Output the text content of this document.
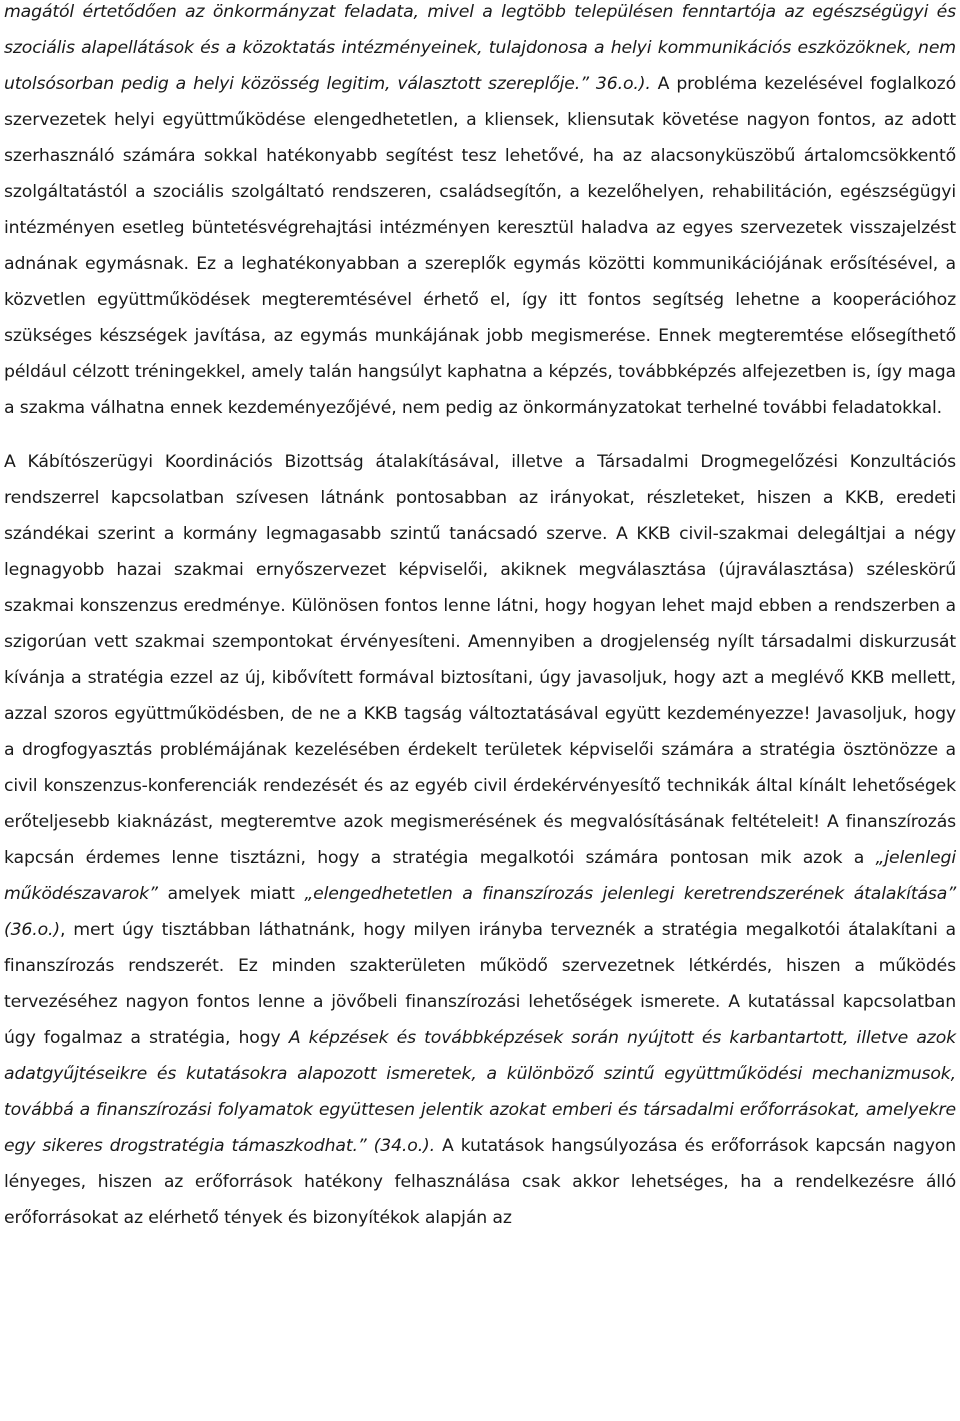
magától értetődően az önkormányzat feladata, mivel a legtöbb településen fenntartója az egészségügyi és szociális alapellátások és a közoktatás intézményeinek, tulajdonosa a helyi kommunikációs eszközöknek, nem utolsósorban pedig a helyi közösség legitim, választott szereplője.” 36.o.). A probléma kezelésével foglalkozó szervezetek helyi együttműködése elengedhetetlen, a kliensek, kliensutak követése nagyon fontos, az adott szerhasználó számára sokkal hatékonyabb segítést tesz lehetővé, ha az alacsonyküszöbű ártalomcsökkentő szolgáltatástól a szociális szolgáltató rendszeren, családsegítőn, a kezelőhelyen, rehabilitáción, egészségügyi intézményen esetleg büntetésvégrehajtási intézményen keresztül haladva az egyes szervezetek visszajelzést adnának egymásnak. Ez a leghatékonyabban a szereplők egymás közötti kommunikációjának erősítésével, a közvetlen együttműködések megteremtésével érhető el, így itt fontos segítség lehetne a kooperációhoz szükséges készségek javítása, az egymás munkájának jobb megismerése. Ennek megteremtése elősegíthető például célzott tréningekkel, amely talán hangsúlyt kaphatna a képzés, továbbképzés alfejezetben is, így maga a szakma válhatna ennek kezdeményezőjévé, nem pedig az önkormányzatokat terhelné további feladatokkal.

A Kábítószerügyi Koordinációs Bizottság átalakításával, illetve a Társadalmi Drogmegelőzési Konzultációs rendszerrel kapcsolatban szívesen látnánk pontosabban az irányokat, részleteket, hiszen a KKB, eredeti szándékai szerint a kormány legmagasabb szintű tanácsadó szerve. A KKB civil-szakmai delegáltjai a négy legnagyobb hazai szakmai ernyőszervezet képviselői, akiknek megválasztása (újraválasztása) széleskörű szakmai konszenzus eredménye. Különösen fontos lenne látni, hogy hogyan lehet majd ebben a rendszerben a szigorúan vett szakmai szempontokat érvényesíteni. Amennyiben a drogjelenség nyílt társadalmi diskurzusát kívánja a stratégia ezzel az új, kibővített formával biztosítani, úgy javasoljuk, hogy azt a meglévő KKB mellett, azzal szoros együttműködésben, de ne a KKB tagság változtatásával együtt kezdeményezze! Javasoljuk, hogy a drogfogyasztás problémájának kezelésében érdekelt területek képviselői számára a stratégia ösztönözze a civil konszenzus-konferenciák rendezését és az egyéb civil érdekérvényesítő technikák által kínált lehetőségek erőteljesebb kiaknázást, megteremtve azok megismerésének és megvalósításának feltételeit! A finanszírozás kapcsán érdemes lenne tisztázni, hogy a stratégia megalkotói számára pontosan mik azok a „jelenlegi működészavarok” amelyek miatt „elengedhetetlen a finanszírozás jelenlegi keretrendszerének átalakítása” (36.o.), mert úgy tisztábban láthatnánk, hogy milyen irányba terveznék a stratégia megalkotói átalakítani a finanszírozás rendszerét. Ez minden szakterületen működő szervezetnek létkérdés, hiszen a működés tervezéséhez nagyon fontos lenne a jövőbeli finanszírozási lehetőségek ismerete. A kutatással kapcsolatban úgy fogalmaz a stratégia, hogy A képzések és továbbképzések során nyújtott és karbantartott, illetve azok adatgyűjtéseikre és kutatásokra alapozott ismeretek, a különböző szintű együttműködési mechanizmusok, továbbá a finanszírozási folyamatok együttesen jelentik azokat emberi és társadalmi erőforrásokat, amelyekre egy sikeres drogstratégia támaszkodhat.” (34.o.). A kutatások hangsúlyozása és erőforrások kapcsán nagyon lényeges, hiszen az erőforrások hatékony felhasználása csak akkor lehetséges, ha a rendelkezésre álló erőforrásokat az elérhető tények és bizonyítékok alapján az
